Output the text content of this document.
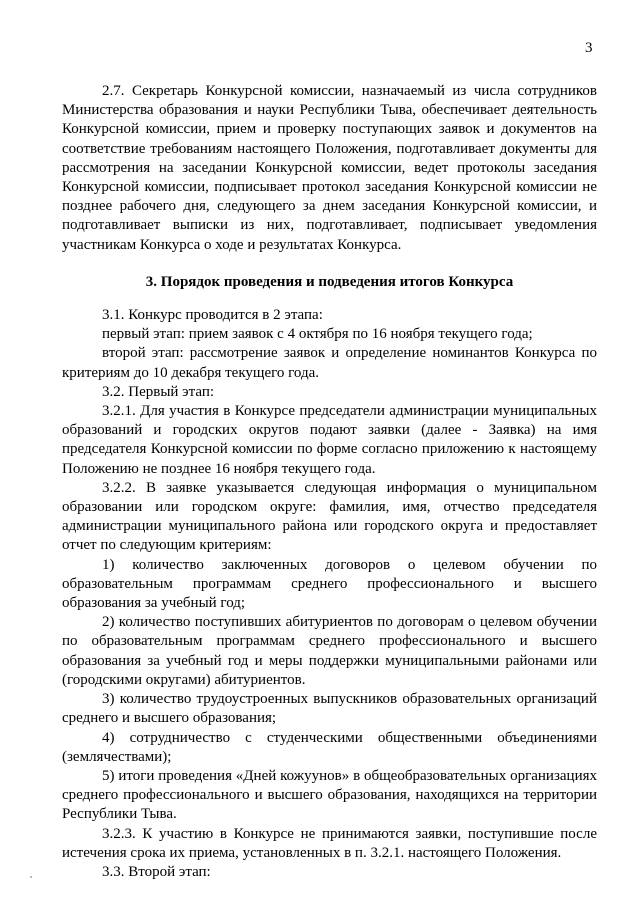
3

2.7. Секретарь Конкурсной комиссии, назначаемый из числа сотрудников Министерства образования и науки Республики Тыва, обеспечивает деятельность Конкурсной комиссии, прием и проверку поступающих заявок и документов на соответствие требованиям настоящего Положения, подготавливает документы для рассмотрения на заседании Конкурсной комиссии, ведет протоколы заседания Конкурсной комиссии, подписывает протокол заседания Конкурсной комиссии не позднее рабочего дня, следующего за днем заседания Конкурсной комиссии, и подготавливает выписки из них, подготавливает, подписывает уведомления участникам Конкурса о ходе и результатах Конкурса.

3. Порядок проведения и подведения итогов Конкурса

3.1. Конкурс проводится в 2 этапа:

первый этап: прием заявок с 4 октября по 16 ноября текущего года;

второй этап: рассмотрение заявок и определение номинантов Конкурса по критериям до 10 декабря текущего года.

3.2. Первый этап:

3.2.1. Для участия в Конкурсе председатели администрации муниципальных образований и городских округов подают заявки (далее - Заявка) на имя председателя Конкурсной комиссии по форме согласно приложению к настоящему Положению не позднее 16 ноября текущего года.

3.2.2. В заявке указывается следующая информация о муниципальном образовании или городском округе: фамилия, имя, отчество председателя администрации муниципального района или городского округа и предоставляет отчет по следующим критериям:

1) количество заключенных договоров о целевом обучении по образовательным программам среднего профессионального и высшего образования за учебный год;

2) количество поступивших абитуриентов по договорам о целевом обучении по образовательным программам среднего профессионального и высшего образования за учебный год и меры поддержки муниципальными районами или (городскими округами) абитуриентов.

3) количество трудоустроенных выпускников образовательных организаций среднего и высшего образования;

4) сотрудничество с студенческими общественными объединениями (землячествами);

5) итоги проведения «Дней кожуунов» в общеобразовательных организациях среднего профессионального и высшего образования, находящихся на территории Республики Тыва.

3.2.3. К участию в Конкурсе не принимаются заявки, поступившие после истечения срока их приема, установленных в п. 3.2.1. настоящего Положения.

3.3. Второй этап:
